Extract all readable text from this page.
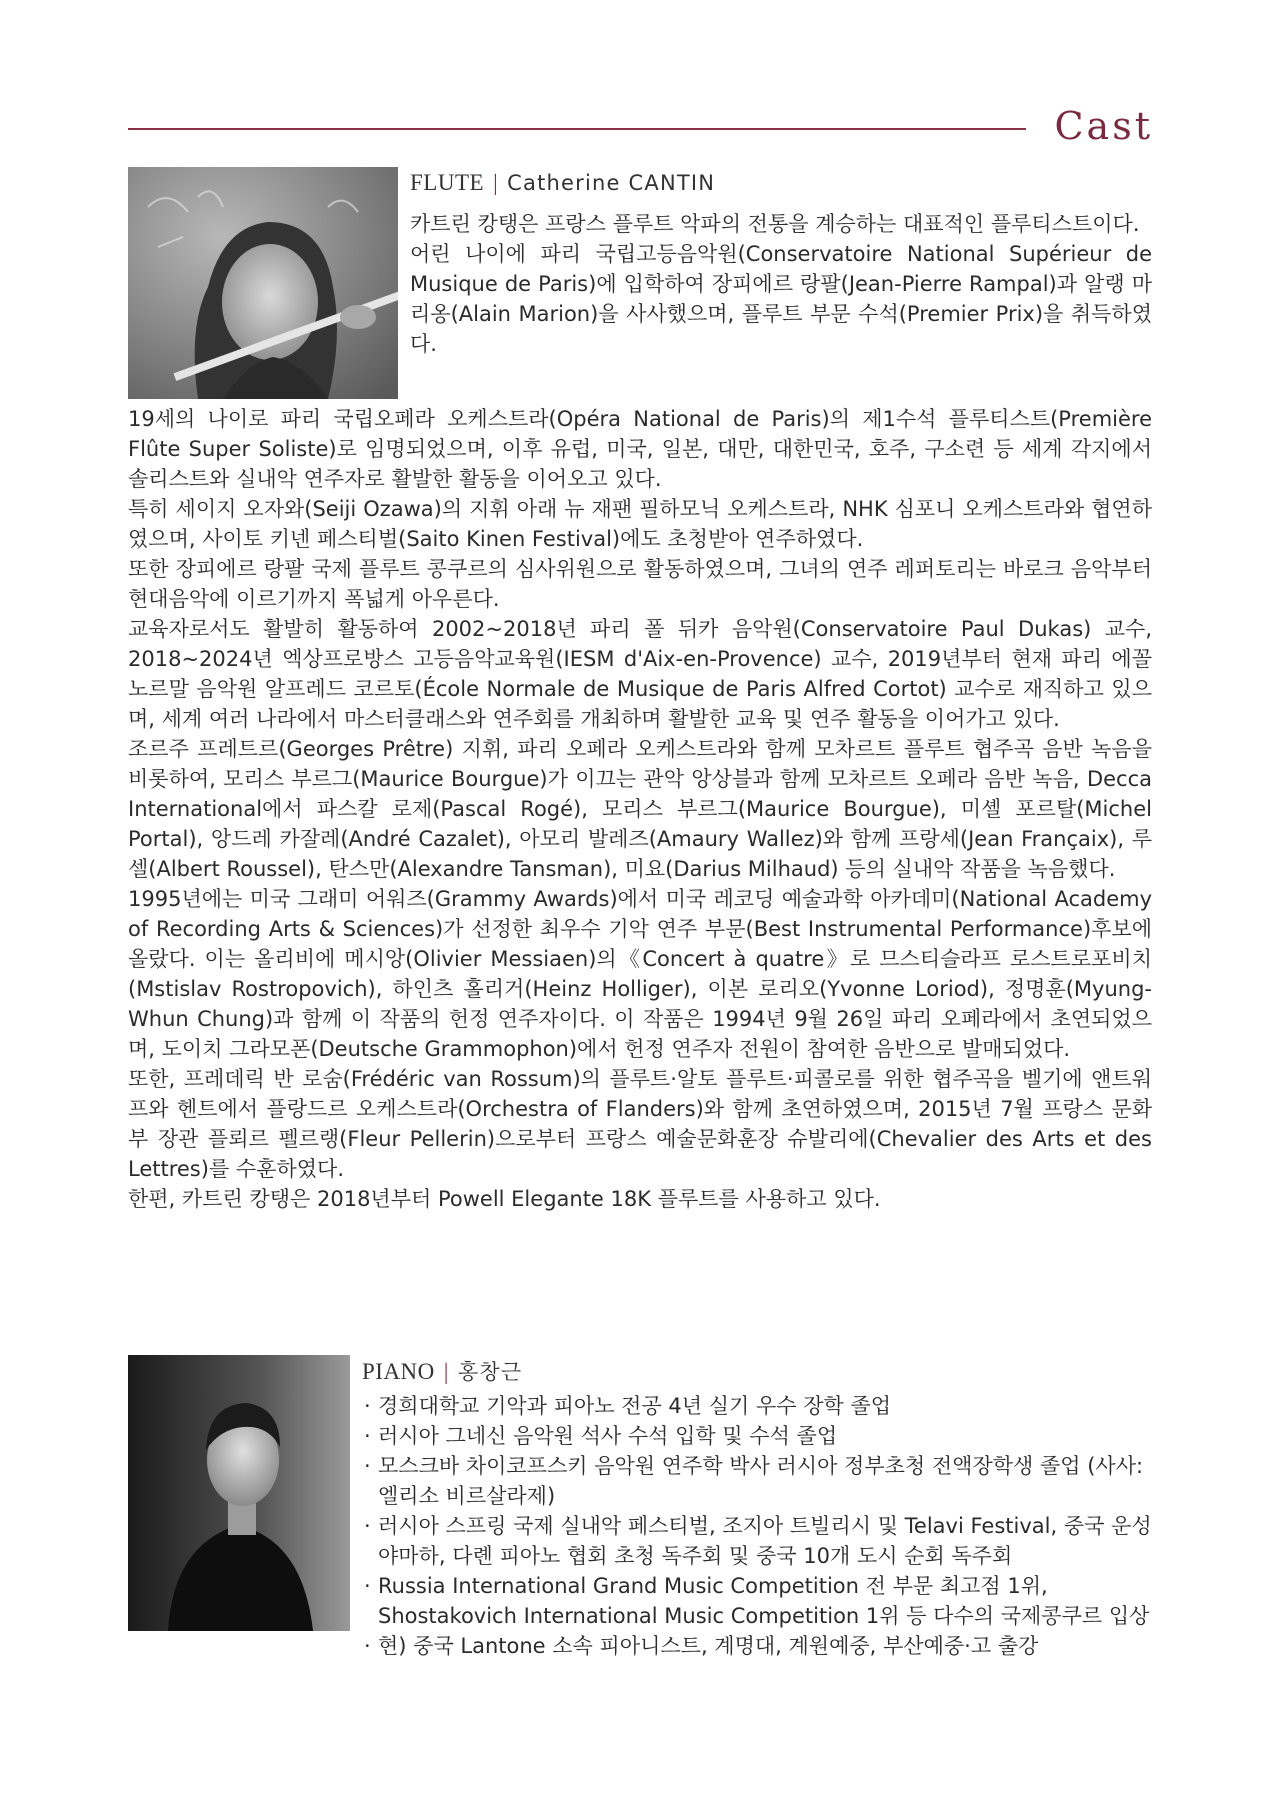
Cast
FLUTE | Catherine CANTIN

카트린 캉탱은 프랑스 플루트 악파의 전통을 계승하는 대표적인 플루티스트이다.

어린 나이에 파리 국립고등음악원(Conservatoire National Supérieur de Musique de Paris)에 입학하여 장피에르 랑팔(Jean-Pierre Rampal)과 알랭 마리옹(Alain Marion)을 사사했으며, 플루트 부문 수석(Premier Prix)을 취득하였다.

19세의 나이로 파리 국립오페라 오케스트라(Opéra National de Paris)의 제1수석 플루티스트(Première Flûte Super Soliste)로 임명되었으며, 이후 유럽, 미국, 일본, 대만, 대한민국, 호주, 구소련 등 세계 각지에서 솔리스트와 실내악 연주자로 활발한 활동을 이어오고 있다.

특히 세이지 오자와(Seiji Ozawa)의 지휘 아래 뉴 재팬 필하모닉 오케스트라, NHK 심포니 오케스트라와 협연하였으며, 사이토 키넨 페스티벌(Saito Kinen Festival)에도 초청받아 연주하였다.

또한 장피에르 랑팔 국제 플루트 콩쿠르의 심사위원으로 활동하였으며, 그녀의 연주 레퍼토리는 바로크 음악부터 현대음악에 이르기까지 폭넓게 아우른다.

교육자로서도 활발히 활동하여 2002~2018년 파리 폴 뒤카 음악원(Conservatoire Paul Dukas) 교수, 2018~2024년 엑상프로방스 고등음악교육원(IESM d'Aix-en-Provence) 교수, 2019년부터 현재 파리 에꼴 노르말 음악원 알프레드 코르토(École Normale de Musique de Paris Alfred Cortot) 교수로 재직하고 있으며, 세계 여러 나라에서 마스터클래스와 연주회를 개최하며 활발한 교육 및 연주 활동을 이어가고 있다.

조르주 프레트르(Georges Prêtre) 지휘, 파리 오페라 오케스트라와 함께 모차르트 플루트 협주곡 음반 녹음을 비롯하여, 모리스 부르그(Maurice Bourgue)가 이끄는 관악 앙상블과 함께 모차르트 오페라 음반 녹음, Decca International에서 파스칼 로제(Pascal Rogé), 모리스 부르그(Maurice Bourgue), 미셸 포르탈(Michel Portal), 앙드레 카잘레(André Cazalet), 아모리 발레즈(Amaury Wallez)와 함께 프랑세(Jean Françaix), 루셀(Albert Roussel), 탄스만(Alexandre Tansman), 미요(Darius Milhaud) 등의 실내악 작품을 녹음했다.

1995년에는 미국 그래미 어워즈(Grammy Awards)에서 미국 레코딩 예술과학 아카데미(National Academy of Recording Arts & Sciences)가 선정한 최우수 기악 연주 부문(Best Instrumental Performance)후보에 올랐다. 이는 올리비에 메시앙(Olivier Messiaen)의《Concert à quatre》로 므스티슬라프 로스트로포비치(Mstislav Rostropovich), 하인츠 홀리거(Heinz Holliger), 이본 로리오(Yvonne Loriod), 정명훈(Myung-Whun Chung)과 함께 이 작품의 헌정 연주자이다. 이 작품은 1994년 9월 26일 파리 오페라에서 초연되었으며, 도이치 그라모폰(Deutsche Grammophon)에서 헌정 연주자 전원이 참여한 음반으로 발매되었다.

또한, 프레데릭 반 로숨(Frédéric van Rossum)의 플루트·알토 플루트·피콜로를 위한 협주곡을 벨기에 앤트워프와 헨트에서 플랑드르 오케스트라(Orchestra of Flanders)와 함께 초연하였으며, 2015년 7월 프랑스 문화부 장관 플뢰르 펠르랭(Fleur Pellerin)으로부터 프랑스 예술문화훈장 슈발리에(Chevalier des Arts et des Lettres)를 수훈하였다.

한편, 카트린 캉탱은 2018년부터 Powell Elegante 18K 플루트를 사용하고 있다.

PIANO | 홍창근
· 경희대학교 기악과 피아노 전공 4년 실기 우수 장학 졸업
· 러시아 그네신 음악원 석사 수석 입학 및 수석 졸업
· 모스크바 차이코프스키 음악원 연주학 박사 러시아 정부초청 전액장학생 졸업 (사사: 엘리소 비르살라제)
· 러시아 스프링 국제 실내악 페스티벌, 조지아 트빌리시 및 Telavi Festival, 중국 운성 야마하, 다롄 피아노 협회 초청 독주회 및 중국 10개 도시 순회 독주회
· Russia International Grand Music Competition 전 부문 최고점 1위, Shostakovich International Music Competition 1위 등 다수의 국제콩쿠르 입상
· 현) 중국 Lantone 소속 피아니스트, 계명대, 계원예중, 부산예중·고 출강
